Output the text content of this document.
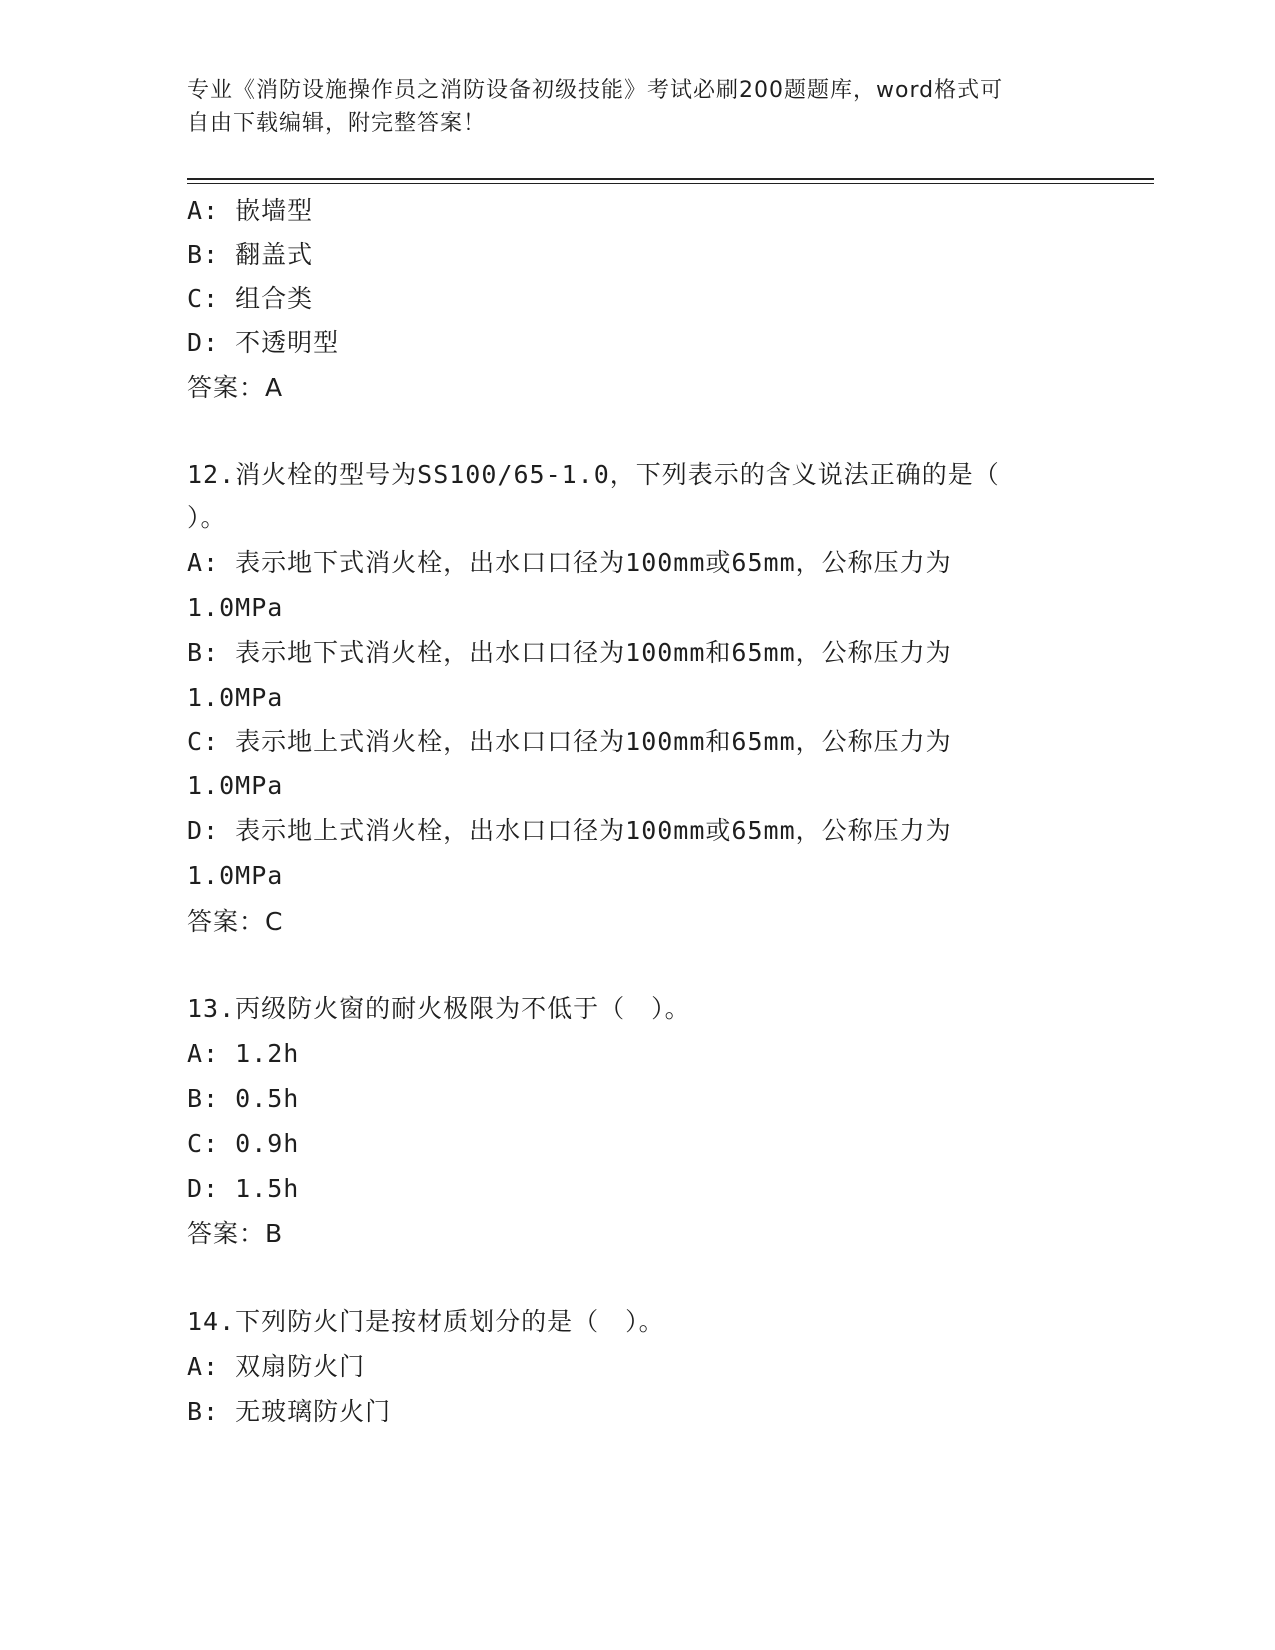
专业《消防设施操作员之消防设备初级技能》考试必刷200题题库，word格式可
自由下载编辑，附完整答案！
A: 嵌墙型
B: 翻盖式
C: 组合类
D: 不透明型
答案：A
12.消火栓的型号为SS100/65-1.0，下列表示的含义说法正确的是（
）。
A: 表示地下式消火栓，出水口口径为100mm或65mm，公称压力为
1.0MPa
B: 表示地下式消火栓，出水口口径为100mm和65mm，公称压力为
1.0MPa
C: 表示地上式消火栓，出水口口径为100mm和65mm，公称压力为
1.0MPa
D: 表示地上式消火栓，出水口口径为100mm或65mm，公称压力为
1.0MPa
答案：C
13.丙级防火窗的耐火极限为不低于（　）。
A: 1.2h
B: 0.5h
C: 0.9h
D: 1.5h
答案：B
14.下列防火门是按材质划分的是（　）。
A: 双扇防火门
B: 无玻璃防火门
